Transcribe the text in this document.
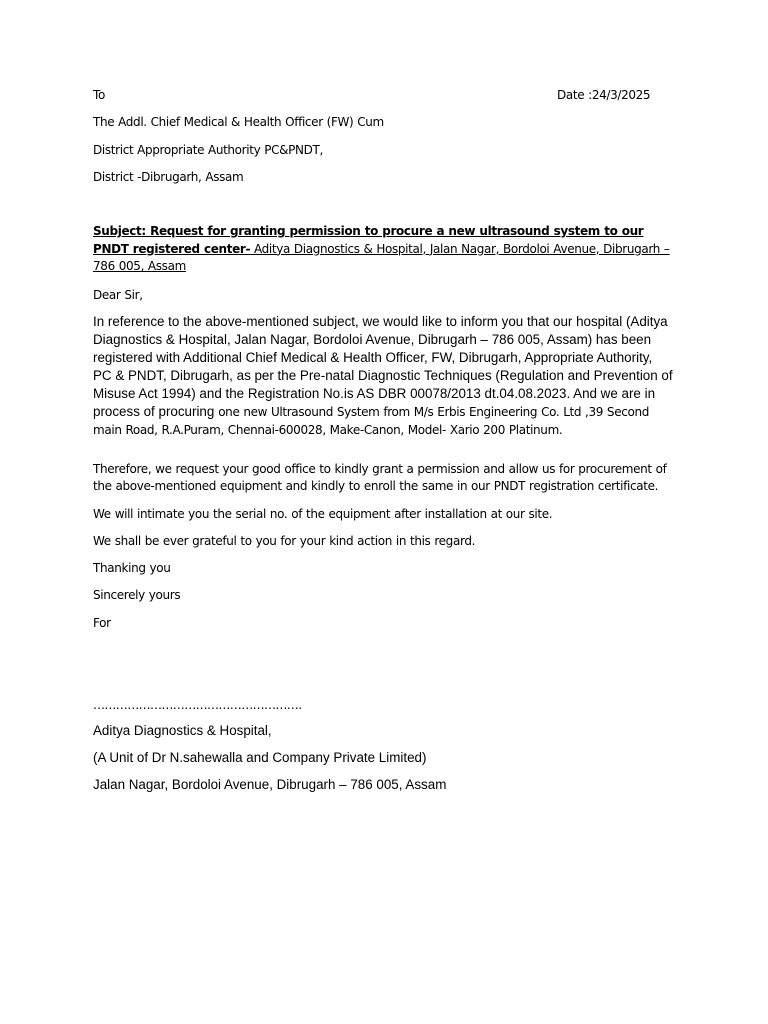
To	Date :24/3/2025

The Addl. Chief Medical & Health Officer (FW) Cum

District Appropriate Authority PC&PNDT,

District -Dibrugarh, Assam

Subject: Request for granting permission to procure a new ultrasound system to our PNDT registered center- Aditya Diagnostics & Hospital, Jalan Nagar, Bordoloi Avenue, Dibrugarh – 786 005, Assam

Dear Sir,

In reference to the above-mentioned subject, we would like to inform you that our hospital (Aditya Diagnostics & Hospital, Jalan Nagar, Bordoloi Avenue, Dibrugarh – 786 005, Assam) has been registered with Additional Chief Medical & Health Officer, FW, Dibrugarh, Appropriate Authority, PC & PNDT, Dibrugarh, as per the Pre-natal Diagnostic Techniques (Regulation and Prevention of Misuse Act 1994) and the Registration No.is AS DBR 00078/2013 dt.04.08.2023. And we are in process of procuring one new Ultrasound System from M/s Erbis Engineering Co. Ltd ,39 Second main Road, R.A.Puram, Chennai-600028, Make-Canon, Model- Xario 200 Platinum.

Therefore, we request your good office to kindly grant a permission and allow us for procurement of the above-mentioned equipment and kindly to enroll the same in our PNDT registration certificate.

We will intimate you the serial no. of the equipment after installation at our site.

We shall be ever grateful to you for your kind action in this regard.

Thanking you

Sincerely yours

For

……………………………………………….

Aditya Diagnostics & Hospital,

(A Unit of Dr N.sahewalla and Company Private Limited)

Jalan Nagar, Bordoloi Avenue, Dibrugarh – 786 005, Assam
